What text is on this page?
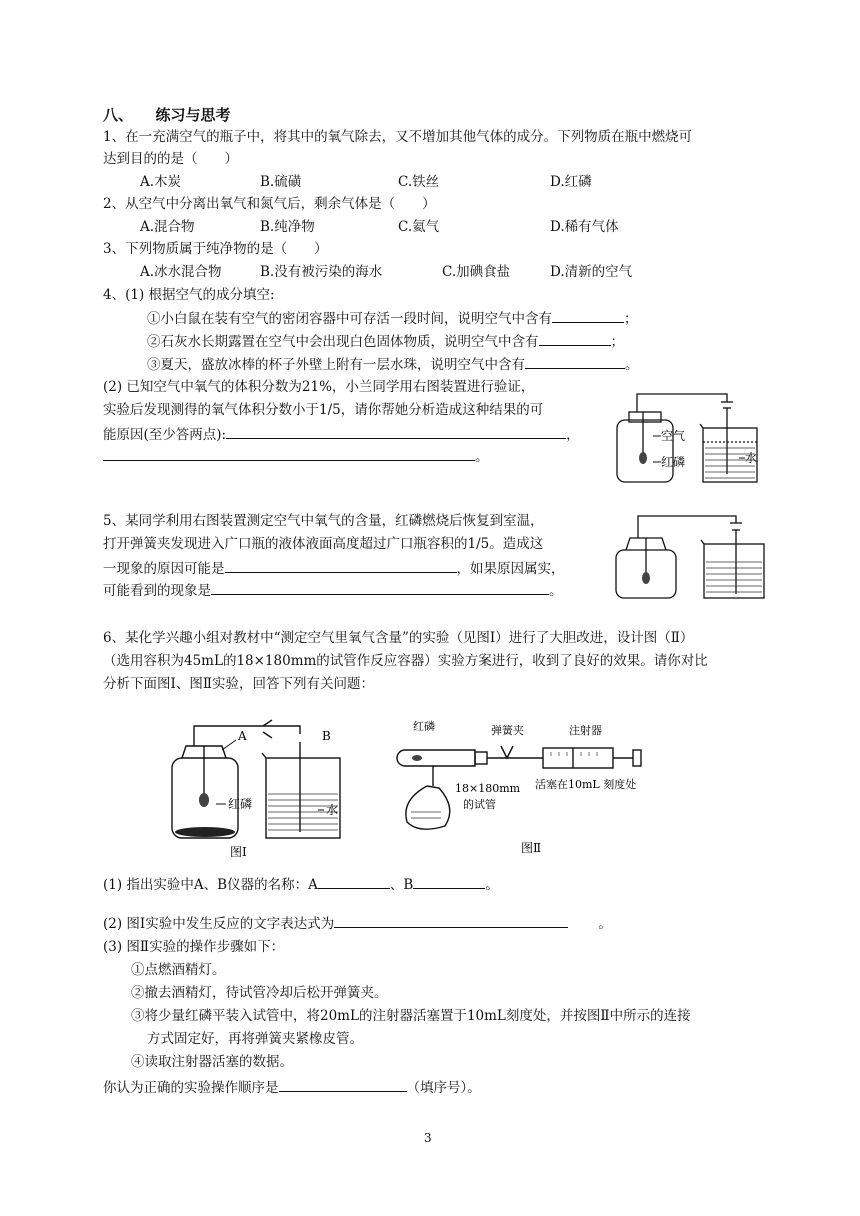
八、　　练习与思考
1、在一充满空气的瓶子中，将其中的氧气除去，又不增加其他气体的成分。下列物质在瓶中燃烧可
达到目的的是（　　）
A.木炭	B.硫磺	C.铁丝	D.红磷
2、从空气中分离出氧气和氮气后，剩余气体是（　　）
A.混合物	B.纯净物	C.氦气	D.稀有气体
3、下列物质属于纯净物的是（　　）
A.冰水混合物	B.没有被污染的海水	C.加碘食盐	D.清新的空气
4、(1) 根据空气的成分填空:
①小白鼠在装有空气的密闭容器中可存活一段时间，说明空气中含有	；
②石灰水长期露置在空气中会出现白色固体物质，说明空气中含有	；
③夏天，盛放冰棒的杯子外壁上附有一层水珠，说明空气中含有	。
(2) 已知空气中氧气的体积分数为21%，小兰同学用右图装置进行验证，
实验后发现测得的氧气体积分数小于1/5，请你帮她分析造成这种结果的可
能原因(至少答两点):	，
。
空气
红磷	水
5、某同学利用右图装置测定空气中氧气的含量，红磷燃烧后恢复到室温，
打开弹簧夹发现进入广口瓶的液体液面高度超过广口瓶容积的1/5。造成这
一现象的原因可能是	，如果原因属实，
可能看到的现象是	。
6、某化学兴趣小组对教材中“测定空气里氧气含量”的实验（见图Ⅰ）进行了大胆改进，设计图（Ⅱ）
（选用容积为45mL的18×180mm的试管作反应容器）实验方案进行，收到了良好的效果。请你对比
分析下面图Ⅰ、图Ⅱ实验，回答下列有关问题：
A	B
红磷	水
图Ⅰ
红磷	弹簧夹	注射器
18×180mm
的试管
活塞在10mL 刻度处
图Ⅱ
(1) 指出实验中A、B仪器的名称：A	、B	。
(2) 图Ⅰ实验中发生反应的文字表达式为	。
(3) 图Ⅱ实验的操作步骤如下：
①点燃酒精灯。
②撤去酒精灯，待试管冷却后松开弹簧夹。
③将少量红磷平装入试管中，将20mL的注射器活塞置于10mL刻度处，并按图Ⅱ中所示的连接
方式固定好，再将弹簧夹紧橡皮管。
④读取注射器活塞的数据。
你认为正确的实验操作顺序是	（填序号）。
3
